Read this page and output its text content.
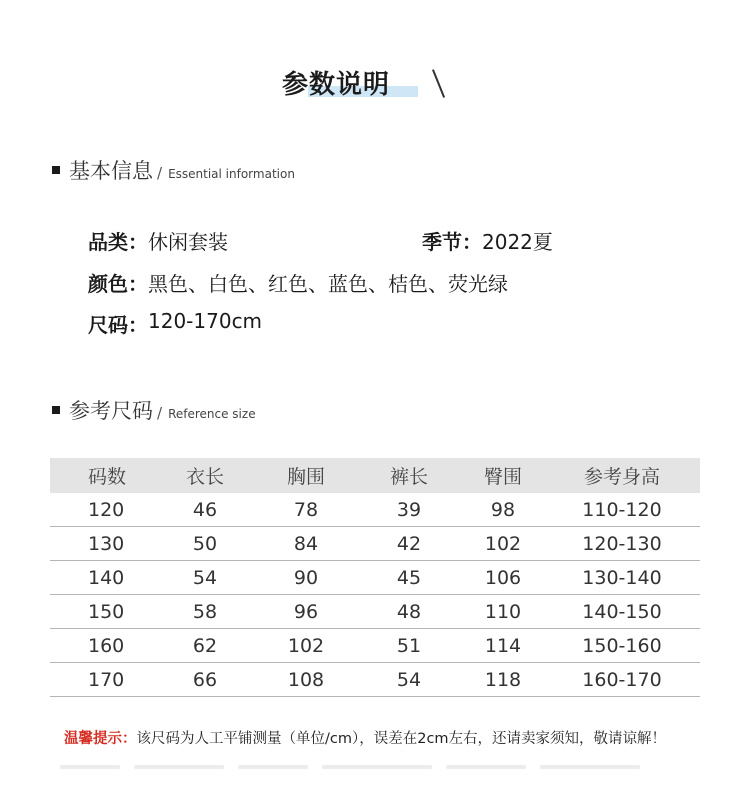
参数说明
基本信息 / Essential information
品类： 休闲套装	季节： 2022夏
颜色： 黑色、白色、红色、蓝色、桔色、荧光绿
尺码： 120-170cm
参考尺码 / Reference size
码数	衣长	胸围	裤长	臀围	参考身高
120	46	78	39	98	110-120
130	50	84	42	102	120-130
140	54	90	45	106	130-140
150	58	96	48	110	140-150
160	62	102	51	114	150-160
170	66	108	54	118	160-170
温馨提示：该尺码为人工平铺测量（单位/cm），误差在2cm左右，还请卖家须知，敬请谅解！
